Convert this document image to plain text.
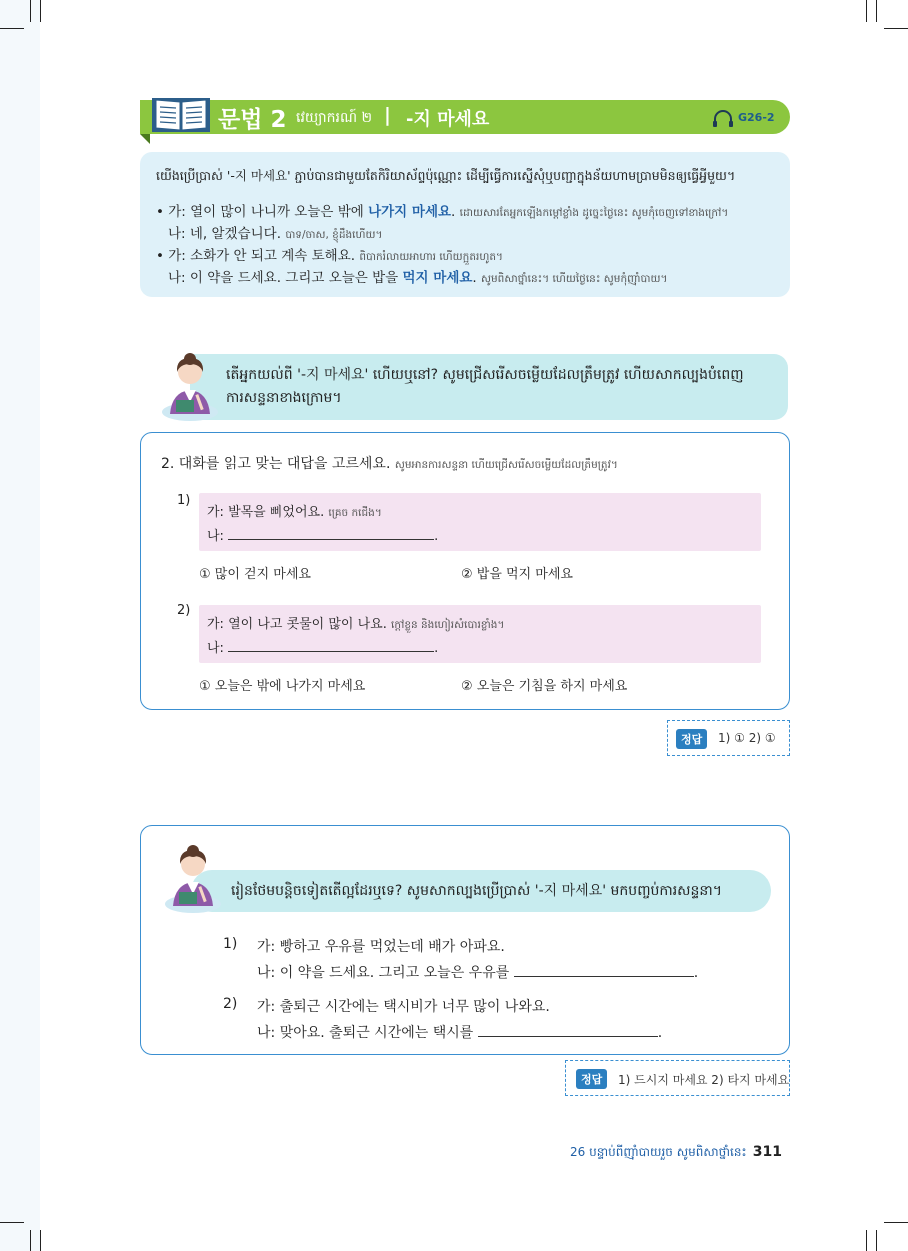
문법 2 វេយ្យាករណ៍ ២ | -지 마세요	G26-2
យើងប្រើប្រាស់ '-지 마세요' ភ្ជាប់បានជាមួយតែកិរិយាស័ព្ទប៉ុណ្ណោះ ដើម្បីធ្វើការស្នើសុំឬបញ្ជាក្នុងន័យហាមប្រាមមិនឲ្យធ្វើអ្វីមួយ។
• 가: 열이 많이 나니까 오늘은 밖에 나가지 마세요. ដោយសារតែអ្នកឡើងកម្ដៅខ្លាំង ដូច្នេះថ្ងៃនេះ សូមកុំចេញទៅខាងក្រៅ។
나: 네, 알겠습니다. បាទ/ចាស, ខ្ញុំដឹងហើយ។
• 가: 소화가 안 되고 계속 토해요. ពិបាករំលាយអាហារ ហើយក្អួតរហូត។
나: 이 약을 드세요. 그리고 오늘은 밥을 먹지 마세요. សូមពិសាថ្នាំនេះ។ ហើយថ្ងៃនេះ សូមកុំញ៉ាំបាយ។
តើអ្នកយល់ពី '-지 마세요' ហើយឬនៅ? សូមជ្រើសរើសចម្លើយដែលត្រឹមត្រូវ ហើយសាកល្បងបំពេញ
ការសន្ទនាខាងក្រោម។
2. 대화를 읽고 맞는 대답을 고르세요. សូមអានការសន្ទនា ហើយជ្រើសរើសចម្លើយដែលត្រឹមត្រូវ។
1)
가: 발목을 삐었어요. គ្រេច កជើង។
나:	.
① 많이 걷지 마세요	② 밥을 먹지 마세요
2)
가: 열이 나고 콧물이 많이 나요. ក្ដៅខ្លួន និងហៀរសំបោរខ្លាំង។
나:	.
① 오늘은 밖에 나가지 마세요	② 오늘은 기침을 하지 마세요
정답	1) ① 2) ①
រៀនថែមបន្តិចទៀតតើល្អដែរឬទេ? សូមសាកល្បងប្រើប្រាស់ '-지 마세요' មកបញ្ចប់ការសន្ទនា។
1) 가: 빵하고 우유를 먹었는데 배가 아파요.
나: 이 약을 드세요. 그리고 오늘은 우유를	.
2) 가: 출퇴근 시간에는 택시비가 너무 많이 나와요.
나: 맞아요. 출퇴근 시간에는 택시를	.
정답	1) 드시지 마세요 2) 타지 마세요
26 បន្ទាប់ពីញ៉ាំបាយរួច សូមពិសាថ្នាំនេះ 311
